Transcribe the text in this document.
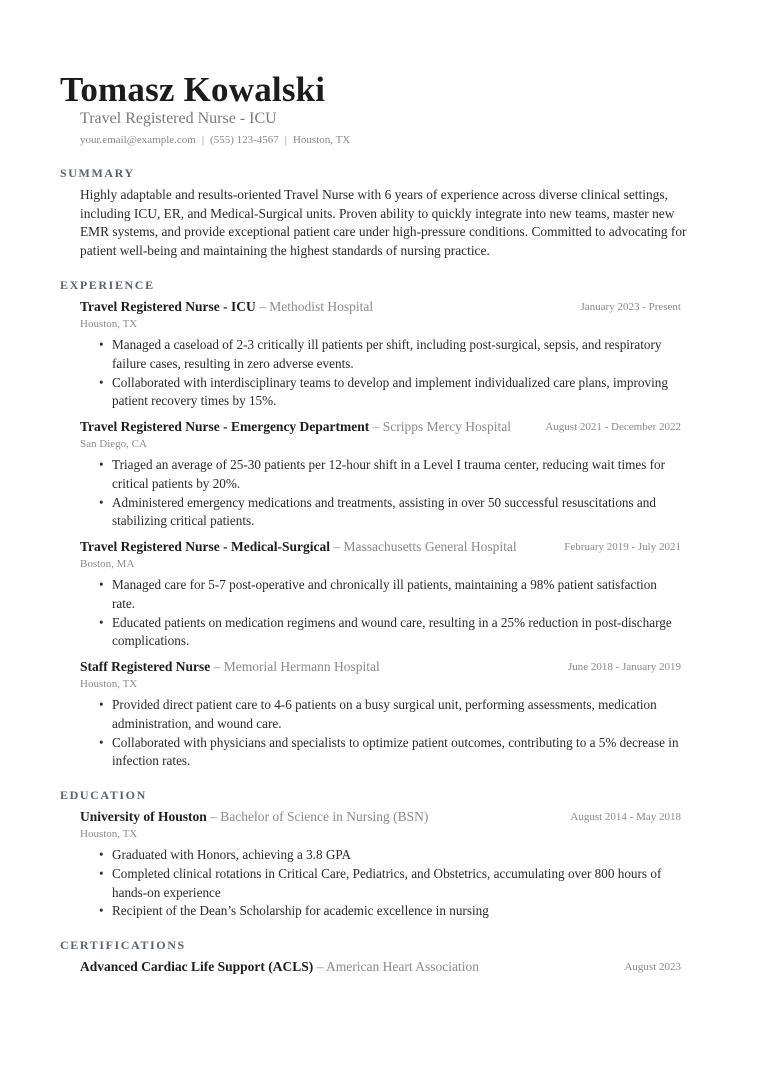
Tomasz Kowalski
Travel Registered Nurse - ICU
your.email@example.com | (555) 123-4567 | Houston, TX
SUMMARY

Highly adaptable and results-oriented Travel Nurse with 6 years of experience across diverse clinical settings, including ICU, ER, and Medical-Surgical units. Proven ability to quickly integrate into new teams, master new EMR systems, and provide exceptional patient care under high-pressure conditions. Committed to advocating for patient well-being and maintaining the highest standards of nursing practice.

EXPERIENCE
Travel Registered Nurse - ICU – Methodist Hospital	January 2023 - Present
Houston, TX
• Managed a caseload of 2-3 critically ill patients per shift, including post-surgical, sepsis, and respiratory failure cases, resulting in zero adverse events.
• Collaborated with interdisciplinary teams to develop and implement individualized care plans, improving patient recovery times by 15%.
Travel Registered Nurse - Emergency Department – Scripps Mercy Hospital	August 2021 - December 2022
San Diego, CA
• Triaged an average of 25-30 patients per 12-hour shift in a Level I trauma center, reducing wait times for critical patients by 20%.
• Administered emergency medications and treatments, assisting in over 50 successful resuscitations and stabilizing critical patients.
Travel Registered Nurse - Medical-Surgical – Massachusetts General Hospital	February 2019 - July 2021
Boston, MA
• Managed care for 5-7 post-operative and chronically ill patients, maintaining a 98% patient satisfaction rate.
• Educated patients on medication regimens and wound care, resulting in a 25% reduction in post-discharge complications.
Staff Registered Nurse – Memorial Hermann Hospital	June 2018 - January 2019
Houston, TX
• Provided direct patient care to 4-6 patients on a busy surgical unit, performing assessments, medication administration, and wound care.
• Collaborated with physicians and specialists to optimize patient outcomes, contributing to a 5% decrease in infection rates.
EDUCATION
University of Houston – Bachelor of Science in Nursing (BSN)	August 2014 - May 2018
Houston, TX
• Graduated with Honors, achieving a 3.8 GPA
• Completed clinical rotations in Critical Care, Pediatrics, and Obstetrics, accumulating over 800 hours of hands-on experience
• Recipient of the Dean’s Scholarship for academic excellence in nursing
CERTIFICATIONS
Advanced Cardiac Life Support (ACLS) – American Heart Association	August 2023
